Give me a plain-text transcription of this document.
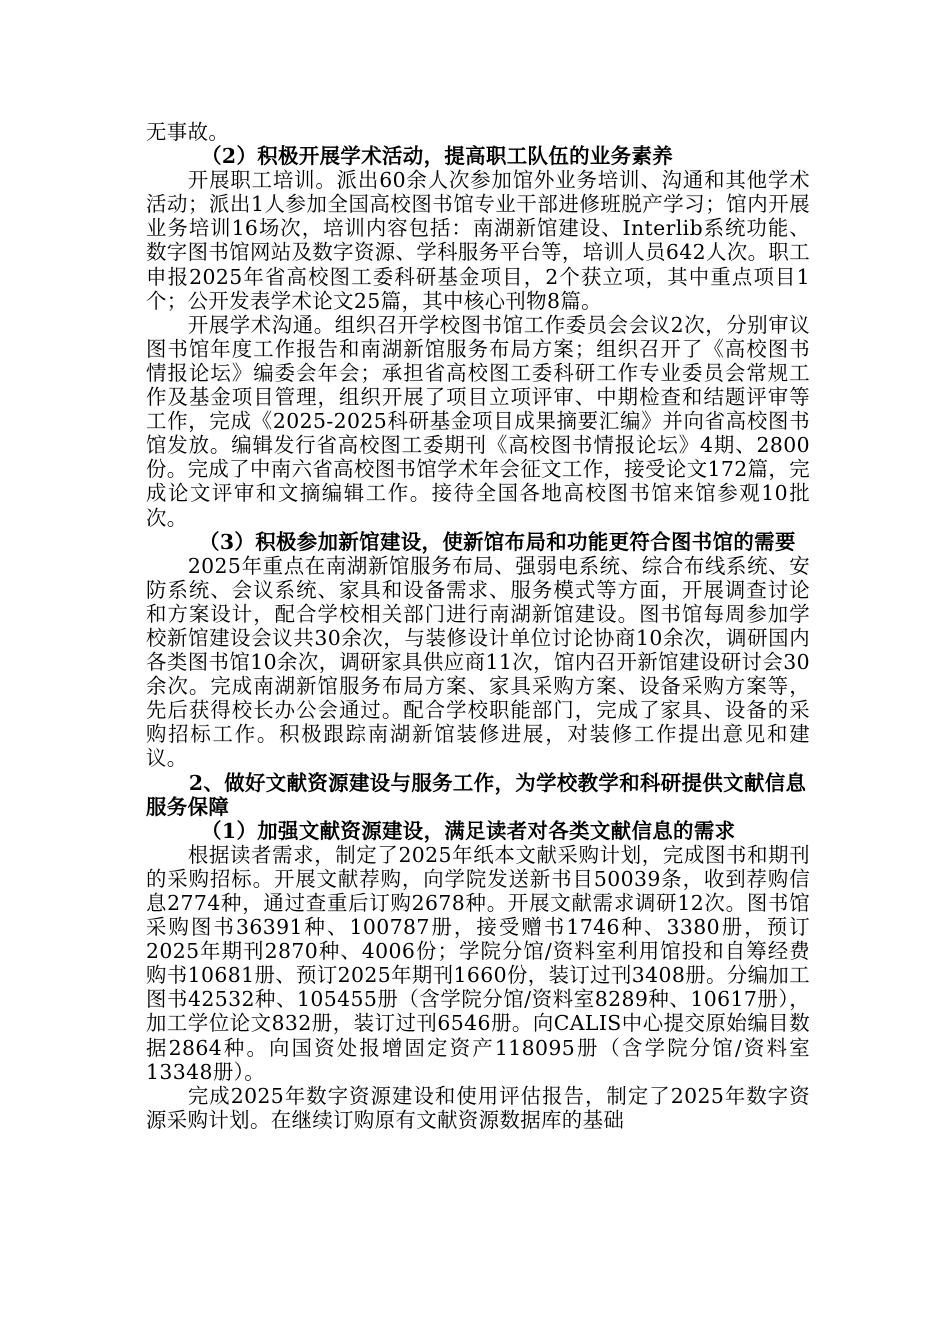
无事故。

（2）积极开展学术活动，提高职工队伍的业务素养

开展职工培训。派出60余人次参加馆外业务培训、沟通和其他学术活动；派出1人参加全国高校图书馆专业干部进修班脱产学习；馆内开展业务培训16场次，培训内容包括：南湖新馆建设、Interlib系统功能、数字图书馆网站及数字资源、学科服务平台等，培训人员642人次。职工申报2025年省高校图工委科研基金项目，2个获立项，其中重点项目1个；公开发表学术论文25篇，其中核心刊物8篇。

开展学术沟通。组织召开学校图书馆工作委员会会议2次，分别审议图书馆年度工作报告和南湖新馆服务布局方案；组织召开了《高校图书情报论坛》编委会年会；承担省高校图工委科研工作专业委员会常规工作及基金项目管理，组织开展了项目立项评审、中期检查和结题评审等工作，完成《2025-2025科研基金项目成果摘要汇编》并向省高校图书馆发放。编辑发行省高校图工委期刊《高校图书情报论坛》4期、2800份。完成了中南六省高校图书馆学术年会征文工作，接受论文172篇，完成论文评审和文摘编辑工作。接待全国各地高校图书馆来馆参观10批次。

（3）积极参加新馆建设，使新馆布局和功能更符合图书馆的需要

2025年重点在南湖新馆服务布局、强弱电系统、综合布线系统、安防系统、会议系统、家具和设备需求、服务模式等方面，开展调查讨论和方案设计，配合学校相关部门进行南湖新馆建设。图书馆每周参加学校新馆建设会议共30余次，与装修设计单位讨论协商10余次，调研国内各类图书馆10余次，调研家具供应商11次，馆内召开新馆建设研讨会30余次。完成南湖新馆服务布局方案、家具采购方案、设备采购方案等，先后获得校长办公会通过。配合学校职能部门，完成了家具、设备的采购招标工作。积极跟踪南湖新馆装修进展，对装修工作提出意见和建议。

2、做好文献资源建设与服务工作，为学校教学和科研提供文献信息服务保障

（1）加强文献资源建设，满足读者对各类文献信息的需求

根据读者需求，制定了2025年纸本文献采购计划，完成图书和期刊的采购招标。开展文献荐购，向学院发送新书目50039条，收到荐购信息2774种，通过查重后订购2678种。开展文献需求调研12次。图书馆采购图书36391种、100787册，接受赠书1746种、3380册，预订2025年期刊2870种、4006份；学院分馆/资料室利用馆投和自筹经费购书10681册、预订2025年期刊1660份，装订过刊3408册。分编加工图书42532种、105455册（含学院分馆/资料室8289种、10617册），加工学位论文832册，装订过刊6546册。向CALIS中心提交原始编目数据2864种。向国资处报增固定资产118095册（含学院分馆/资料室13348册）。

完成2025年数字资源建设和使用评估报告，制定了2025年数字资源采购计划。在继续订购原有文献资源数据库的基础
